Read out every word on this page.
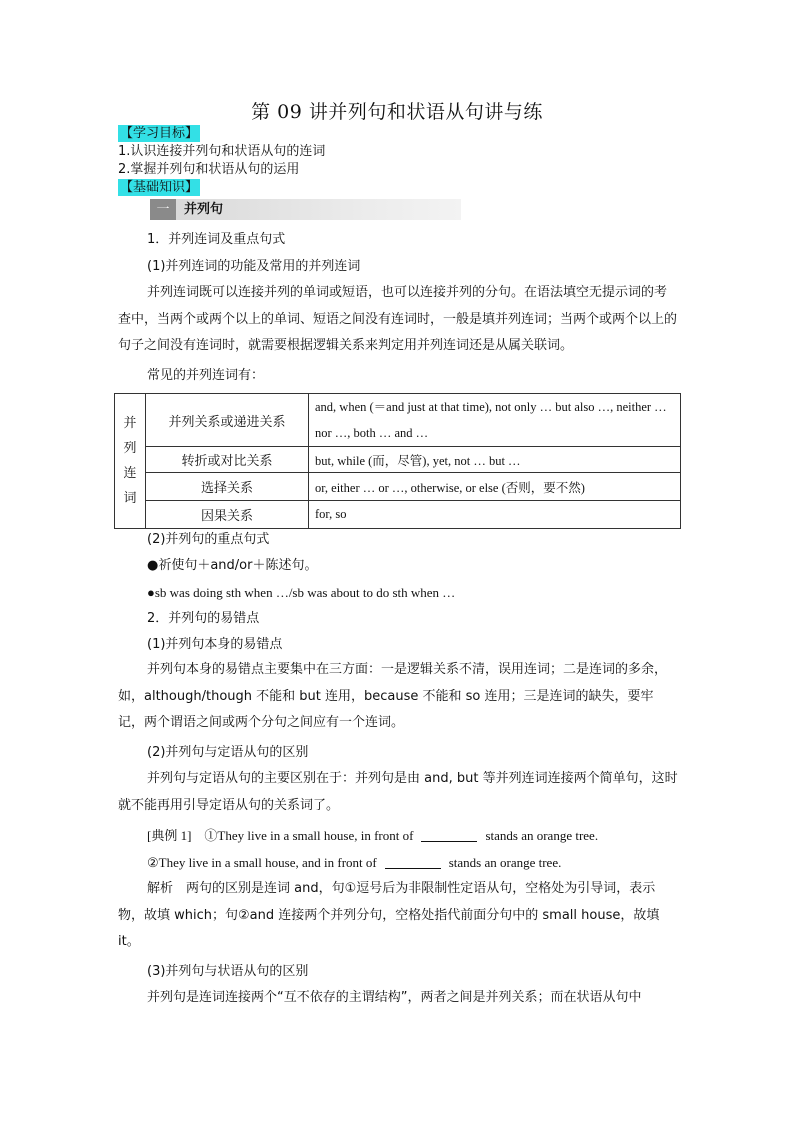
第 09 讲并列句和状语从句讲与练
【学习目标】
1.认识连接并列句和状语从句的连词
2.掌握并列句和状语从句的运用
【基础知识】
一	并列句
1．并列连词及重点句式
(1)并列连词的功能及常用的并列连词
并列连词既可以连接并列的单词或短语，也可以连接并列的分句。在语法填空无提示词的考查中，当两个或两个以上的单词、短语之间没有连词时，一般是填并列连词；当两个或两个以上的句子之间没有连词时，就需要根据逻辑关系来判定用并列连词还是从属关联词。
常见的并列连词有：
并列连词	并列关系或递进关系	and, when (＝and just at that time), not only … but also …, neither … nor …, both … and …
	转折或对比关系	but, while (而，尽管), yet, not … but …
	选择关系	or, either … or …, otherwise, or else (否则，要不然)
	因果关系	for, so
(2)并列句的重点句式
●祈使句＋and/or＋陈述句。
●sb was doing sth when …/sb was about to do sth when …
2．并列句的易错点
(1)并列句本身的易错点
并列句本身的易错点主要集中在三方面：一是逻辑关系不清，误用连词；二是连词的多余，如，although/though 不能和 but 连用，because 不能和 so 连用；三是连词的缺失，要牢记，两个谓语之间或两个分句之间应有一个连词。
(2)并列句与定语从句的区别
并列句与定语从句的主要区别在于：并列句是由 and, but 等并列连词连接两个简单句，这时就不能再用引导定语从句的关系词了。
[典例 1]　①They live in a small house, in front of	stands an orange tree.
②They live in a small house, and in front of	stands an orange tree.
解析　两句的区别是连词 and，句①逗号后为非限制性定语从句，空格处为引导词，表示物，故填 which；句②and 连接两个并列分句，空格处指代前面分句中的 small house，故填 it。
(3)并列句与状语从句的区别
并列句是连词连接两个“互不依存的主谓结构”，两者之间是并列关系；而在状语从句中
